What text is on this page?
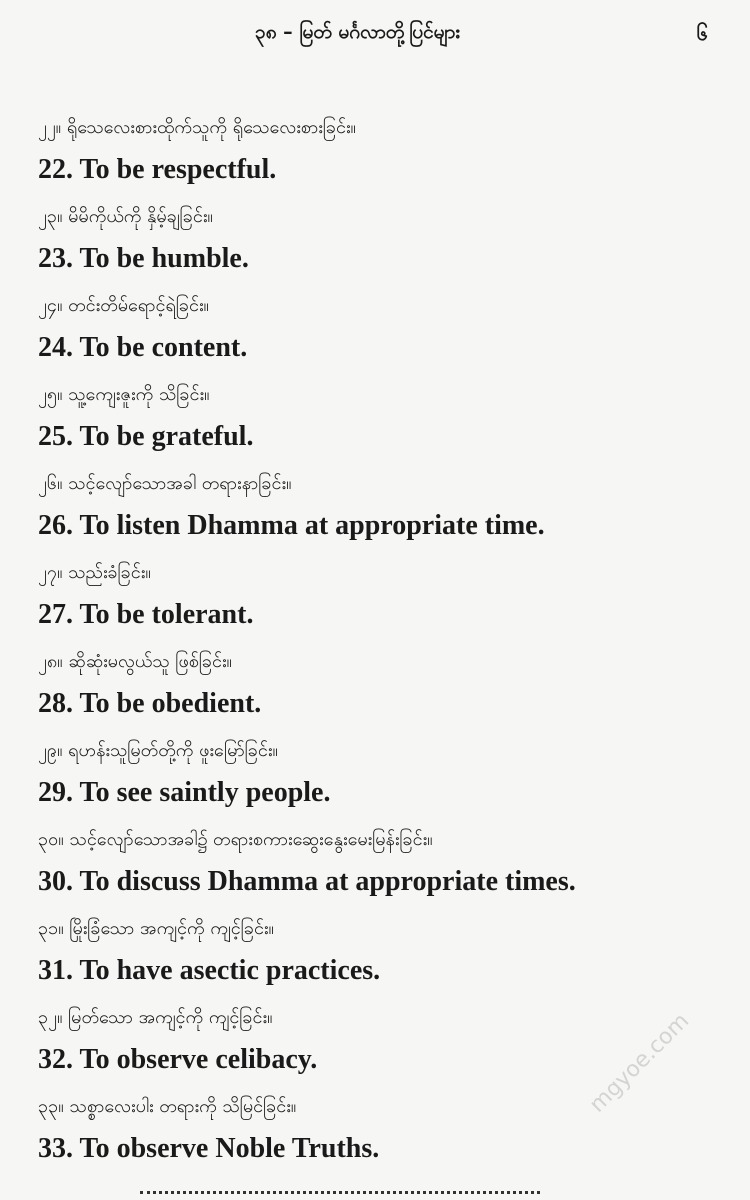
၃၈ – မြတ် မင်္ဂလာတို့ပြင်များ	၆
၂၂။ ရိုသေလေးစားထိုက်သူကို ရိုသေလေးစားခြင်း။
22. To be respectful.
၂၃။ မိမိကိုယ်ကို နှိမ့်ချခြင်း။
23. To be humble.
၂၄။ တင်းတိမ်ရောင့်ရဲခြင်း။
24. To be content.
၂၅။ သူ့ကျေးဇူးကို သိခြင်း။
25. To be grateful.
၂၆။ သင့်လျော်သောအခါ တရားနာခြင်း။
26. To listen Dhamma at appropriate time.
၂၇။ သည်းခံခြင်း။
27. To be tolerant.
၂၈။ ဆိုဆုံးမလွယ်သူ ဖြစ်ခြင်း။
28. To be obedient.
၂၉။ ရဟန်းသူမြတ်တို့ကို ဖူးမြော်ခြင်း။
29. To see saintly people.
၃၀။ သင့်လျော်သောအခါ၌ တရားစကားဆွေးနွေးမေးမြန်းခြင်း။
30. To discuss Dhamma at appropriate times.
၃၁။ မြိုးခြံသော အကျင့်ကို ကျင့်ခြင်း။
31. To have asectic practices.
၃၂။ မြတ်သော အကျင့်ကို ကျင့်ခြင်း။
32. To observe celibacy.
၃၃။ သစ္စာလေးပါး တရားကို သိမြင်ခြင်း။
33. To observe Noble Truths.
mgyoe.com
